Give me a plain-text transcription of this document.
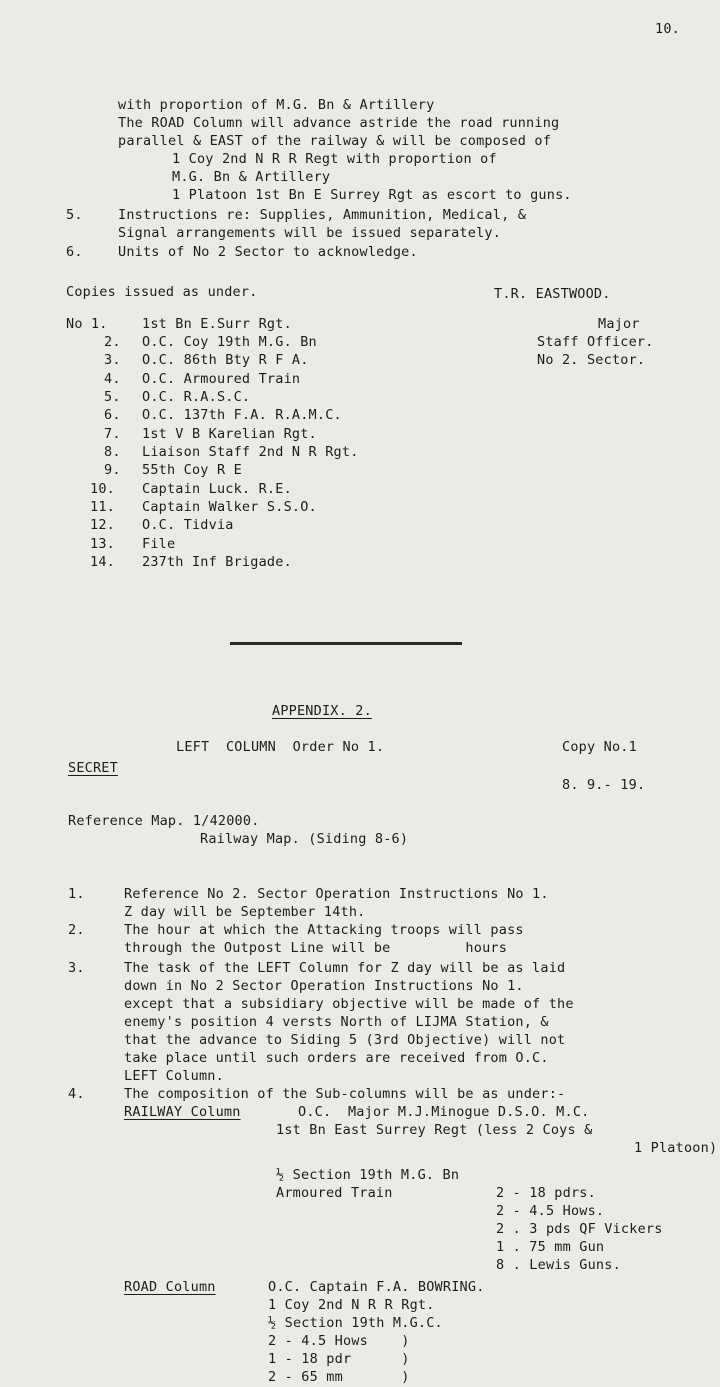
10.
with proportion of M.G. Bn & Artillery
The ROAD Column will advance astride the road running
parallel & EAST of the railway & will be composed of
1 Coy 2nd N R R Regt with proportion of
M.G. Bn & Artillery
1 Platoon 1st Bn E Surrey Rgt as escort to guns.
5.	Instructions re: Supplies, Ammunition, Medical, &
Signal arrangements will be issued separately.
6.	Units of No 2 Sector to acknowledge.
Copies issued as under.	T.R. EASTWOOD.
Major
Staff Officer.
No 2. Sector.
No 1.	1st Bn E.Surr Rgt.
2. O.C. Coy 19th M.G. Bn
3. O.C. 86th Bty R F A.
4. O.C. Armoured Train
5. O.C. R.A.S.C.
6. O.C. 137th F.A. R.A.M.C.
7. 1st V B Karelian Rgt.
8. Liaison Staff 2nd N R Rgt.
9. 55th Coy R E
10. Captain Luck. R.E.
11. Captain Walker S.S.O.
12. O.C. Tidvia
13. File
14. 237th Inf Brigade.
APPENDIX. 2.
LEFT  COLUMN  Order No 1.	Copy No.1
SECRET
8. 9.- 19.
Reference Map. 1/42000.
Railway Map. (Siding 8-6)
1.	Reference No 2. Sector Operation Instructions No 1.
Z day will be September 14th.
2.	The hour at which the Attacking troops will pass
through the Outpost Line will be         hours
3.	The task of the LEFT Column for Z day will be as laid
down in No 2 Sector Operation Instructions No 1.
except that a subsidiary objective will be made of the
enemy's position 4 versts North of LIJMA Station, &
that the advance to Siding 5 (3rd Objective) will not
take place until such orders are received from O.C.
LEFT Column.
4.	The composition of the Sub-columns will be as under:-
RAILWAY Column	O.C.  Major M.J.Minogue D.S.O. M.C.
1st Bn East Surrey Regt (less 2 Coys &
1 Platoon)
½ Section 19th M.G. Bn
Armoured Train	2 - 18 pdrs.
2 - 4.5 Hows.
2 . 3 pds QF Vickers
1 . 75 mm Gun
8 . Lewis Guns.
ROAD Column	O.C. Captain F.A. BOWRING.
1 Coy 2nd N R R Rgt.
½ Section 19th M.G.C.
2 - 4.5 Hows    )
1 - 18 pdr      )
2 - 65 mm       )
